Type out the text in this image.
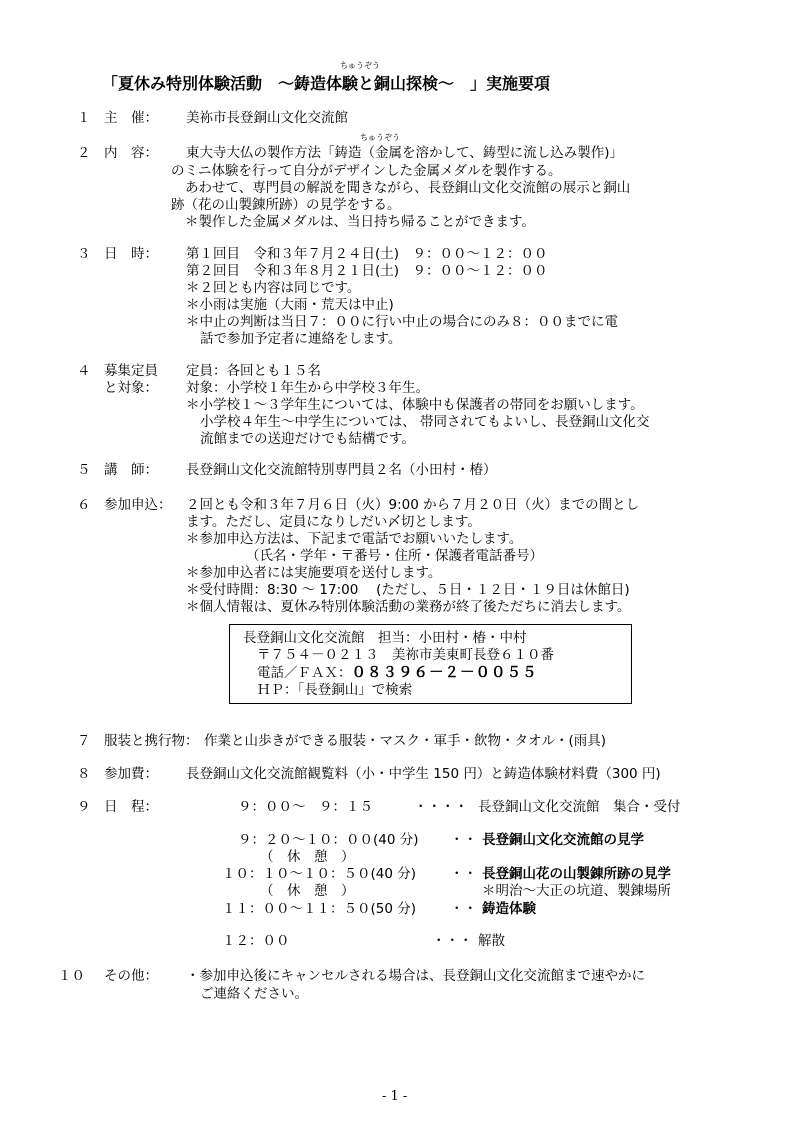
ちゅうぞう
「夏休み特別体験活動　～鋳造体験と銅山探検～　」実施要項
１ 主　催： 美袮市長登銅山文化交流館
ちゅうぞう
２ 内　容： 東大寺大仏の製作方法「鋳造（金属を溶かして、鋳型に流し込み製作)」
のミニ体験を行って自分がデザインした金属メダルを製作する。
あわせて、専門員の解説を聞きながら、長登銅山文化交流館の展示と銅山
跡（花の山製錬所跡）の見学をする。
＊製作した金属メダルは、当日持ち帰ることができます。
３ 日　時： 第１回目　令和３年７月２４日(土)　９：００～１２：００
第２回目　令和３年８月２１日(土)　９：００～１２：００
＊２回とも内容は同じです。
＊小雨は実施（大雨・荒天は中止)
＊中止の判断は当日７：００に行い中止の場合にのみ８：００までに電
話で参加予定者に連絡をします。
４ 募集定員
と対象：
定員：各回とも１５名
対象：小学校１年生から中学校３年生。
＊小学校１～３学年生については、体験中も保護者の帯同をお願いします。
小学校４年生～中学生については、 帯同されてもよいし、長登銅山文化交
流館までの送迎だけでも結構です。
５ 講　師： 長登銅山文化交流館特別専門員２名（小田村・椿）
６ 参加申込： ２回とも令和３年７月６日（火）9:00 から７月２０日（火）までの間とし
ます。ただし、定員になりしだい〆切とします。
＊参加申込方法は、下記まで電話でお願いいたします。
（氏名・学年・〒番号・住所・保護者電話番号）
＊参加申込者には実施要項を送付します。
＊受付時間：8:30 ～ 17:00　 (ただし、５日・１２日・１９日は休館日)
＊個人情報は、夏休み特別体験活動の業務が終了後ただちに消去します。
長登銅山文化交流館　担当：小田村・椿・中村
〒７５４－０２１３　美祢市美東町長登６１０番
電話／ＦＡＸ：０８３９６－２－００５５
ＨＰ：「長登銅山」で検索
７ 服装と携行物： 作業と山歩きができる服装・マスク・軍手・飲物・タオル・(雨具)
８ 参加費： 長登銅山文化交流館観覧料（小・中学生 150 円）と鋳造体験材料費（300 円)
９ 日　程：	９：００～　９：１５	・・・・ 長登銅山文化交流館　集合・受付
９：２０～１０：００(40 分) ・・ 長登銅山文化交流館の見学
（　休　憩　）
１０：１０～１０：５０(40 分)	・・ 長登銅山花の山製錬所跡の見学
（　休　憩　）	＊明治～大正の坑道、製錬場所
１１：００～１１：５０(50 分)	・・ 鋳造体験
１２：００	・・・ 解散
１０ その他： ・参加申込後にキャンセルされる場合は、長登銅山文化交流館まで速やかに
ご連絡ください。
- 1 -
